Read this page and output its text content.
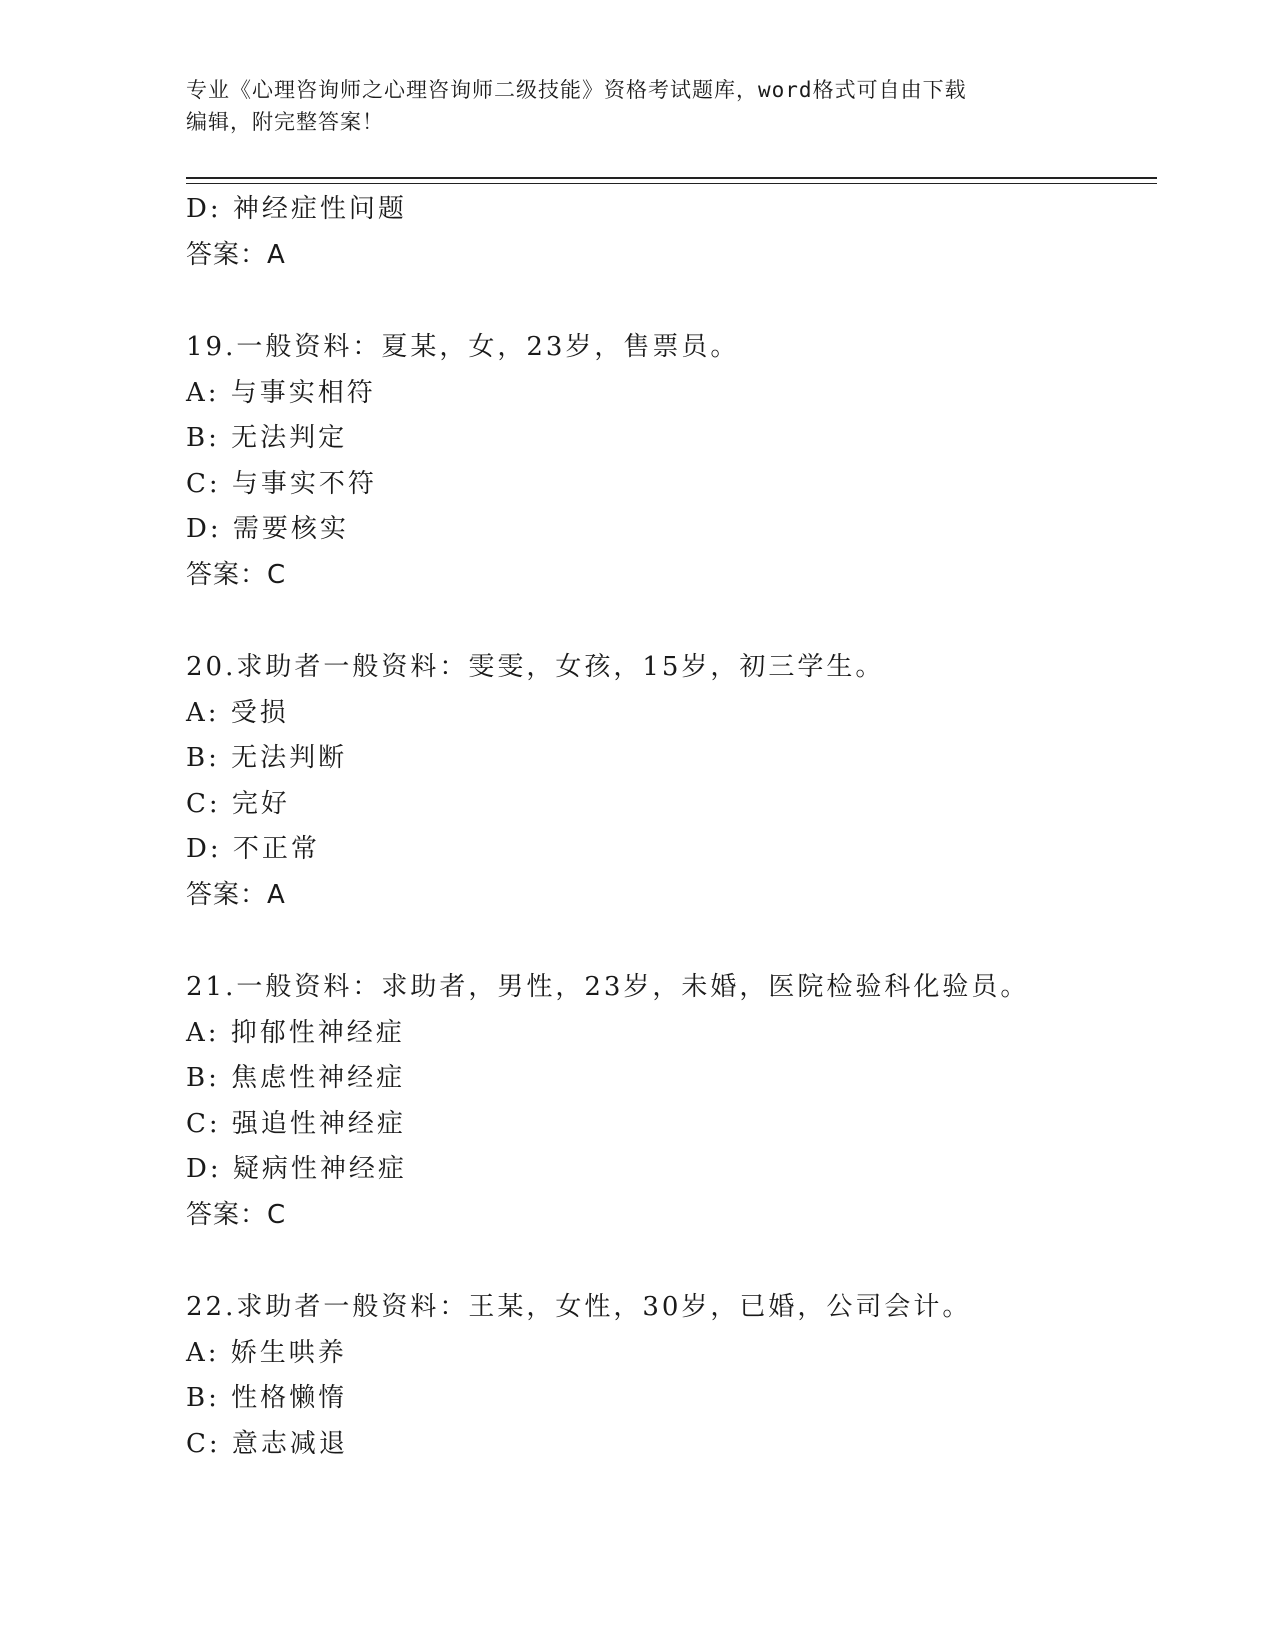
专业《心理咨询师之心理咨询师二级技能》资格考试题库，word格式可自由下载
编辑，附完整答案！
D: 神经症性问题
答案：A
19.一般资料：夏某，女，23岁，售票员。
A: 与事实相符
B: 无法判定
C: 与事实不符
D: 需要核实
答案：C
20.求助者一般资料：雯雯，女孩，15岁，初三学生。
A: 受损
B: 无法判断
C: 完好
D: 不正常
答案：A
21.一般资料：求助者，男性，23岁，未婚，医院检验科化验员。
A: 抑郁性神经症
B: 焦虑性神经症
C: 强追性神经症
D: 疑病性神经症
答案：C
22.求助者一般资料：王某，女性，30岁，已婚，公司会计。
A: 娇生哄养
B: 性格懒惰
C: 意志减退
